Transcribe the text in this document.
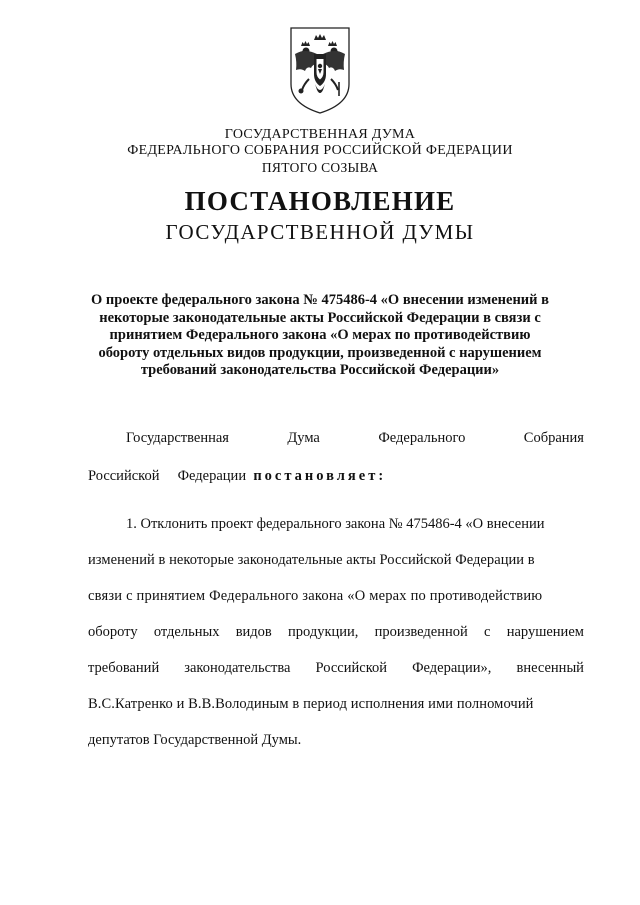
ГОСУДАРСТВЕННАЯ ДУМА
ФЕДЕРАЛЬНОГО СОБРАНИЯ РОССИЙСКОЙ ФЕДЕРАЦИИ
ПЯТОГО СОЗЫВА
ПОСТАНОВЛЕНИЕ
ГОСУДАРСТВЕННОЙ ДУМЫ
О проекте федерального закона № 475486-4 «О внесении изменений в
некоторые законодательные акты Российской Федерации в связи с
принятием Федерального закона «О мерах по противодействию
обороту отдельных видов продукции, произведенной с нарушением
требований законодательства Российской Федерации»
Государственная	Дума	Федерального	Собрания
Российской Федерации постановляет:
1. Отклонить проект федерального закона № 475486-4 «О внесении
изменений в некоторые законодательные акты Российской Федерации в
связи с принятием Федерального закона «О мерах по противодействию
обороту отдельных видов продукции, произведенной с нарушением
требований законодательства Российской Федерации», внесенный
В.С.Катренко и В.В.Володиным в период исполнения ими полномочий
депутатов Государственной Думы.
